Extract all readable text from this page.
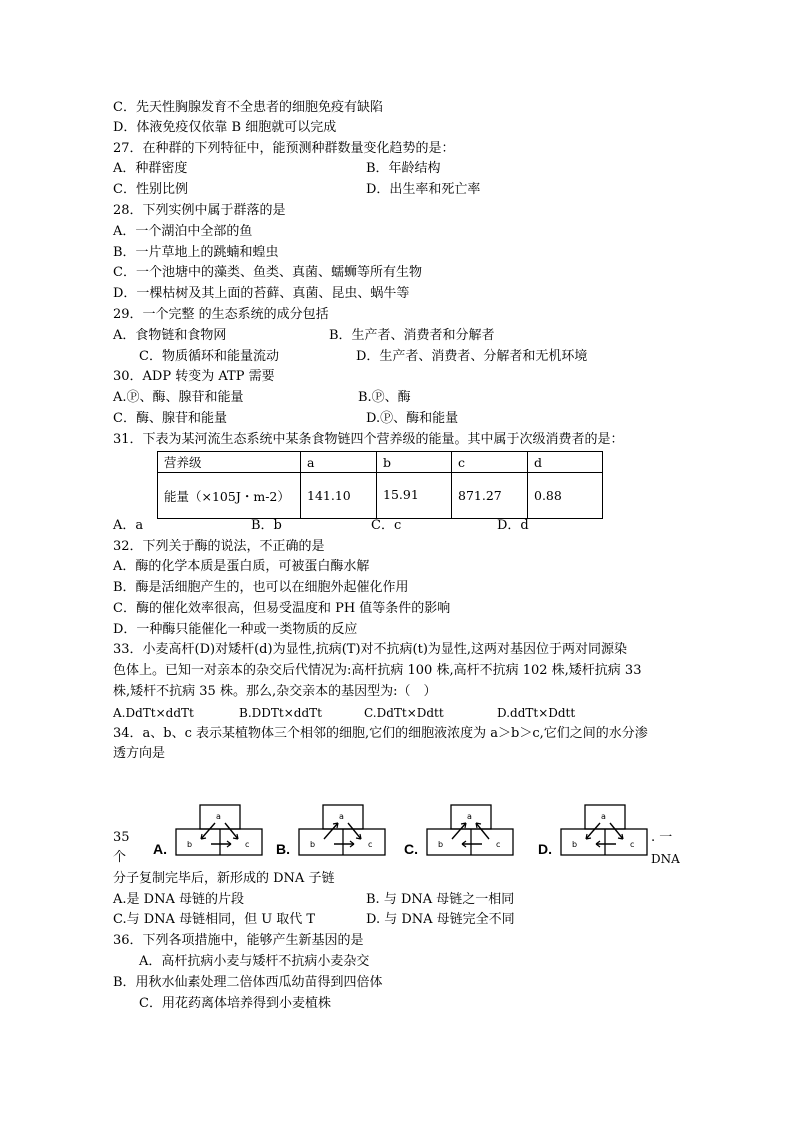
C．先天性胸腺发育不全患者的细胞免疫有缺陷
D．体液免疫仅依靠 B 细胞就可以完成
27．在种群的下列特征中，能预测种群数量变化趋势的是：
A．种群密度	B．年龄结构
C．性别比例	D．出生率和死亡率
28．下列实例中属于群落的是
A．一个湖泊中全部的鱼
B．一片草地上的跳蝻和蝗虫
C．一个池塘中的藻类、鱼类、真菌、蠕蛳等所有生物
D．一棵枯树及其上面的苔藓、真菌、昆虫、蜗牛等
29．一个完整 的生态系统的成分包括
A．食物链和食物网	B．生产者、消费者和分解者
C．物质循环和能量流动	D．生产者、消费者、分解者和无机环境
30．ADP 转变为 ATP 需要
A.Ⓟ、酶、腺苷和能量	B.Ⓟ、酶
C．酶、腺苷和能量	D.Ⓟ、酶和能量
31．下表为某河流生态系统中某条食物链四个营养级的能量。其中属于次级消费者的是：
营养级	a	b	c	d
能量（×105J・m-2）	141.10	15.91	871.27	0.88
A．a	B．b	C．c	D．d
32．下列关于酶的说法，不正确的是
A．酶的化学本质是蛋白质，可被蛋白酶水解
B．酶是活细胞产生的，也可以在细胞外起催化作用
C．酶的催化效率很高，但易受温度和 PH 值等条件的影响
D．一种酶只能催化一种或一类物质的反应
33．小麦高杆(D)对矮杆(d)为显性,抗病(T)对不抗病(t)为显性,这两对基因位于两对同源染
色体上。已知一对亲本的杂交后代情况为:高杆抗病 100 株,高杆不抗病 102 株,矮杆抗病 33
株,矮杆不抗病 35 株。那么,杂交亲本的基因型为:（　）
A.DdTt×ddTt	B.DDTt×ddTt	C.DdTt×Ddtt	D.ddTt×Ddtt
34．a、b、c 表示某植物体三个相邻的细胞,它们的细胞液浓度为 a＞b＞c,它们之间的水分渗
透方向是
A.
a
b	c B.
a
b	c C.
a
b	c	D.
a
b	c
35
个
. 一
DNA
分子复制完毕后，新形成的 DNA 子链
A.是 DNA 母链的片段	B. 与 DNA 母链之一相同
C.与 DNA 母链相同，但 U 取代 T	D. 与 DNA 母链完全不同
36．下列各项措施中，能够产生新基因的是
A．高杆抗病小麦与矮杆不抗病小麦杂交
B．用秋水仙素处理二倍体西瓜幼苗得到四倍体
C．用花药离体培养得到小麦植株
